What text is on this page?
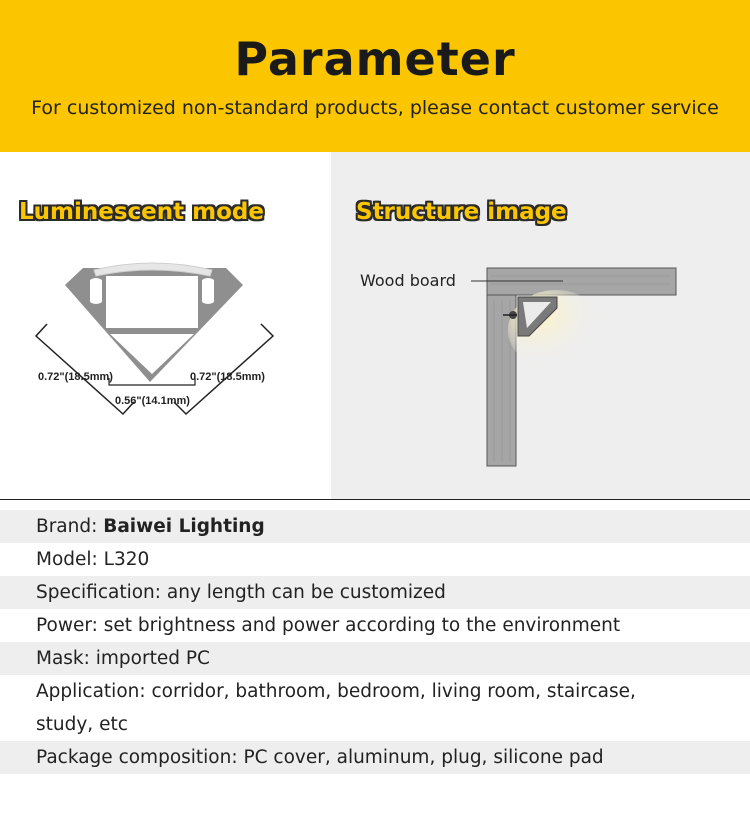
Parameter
For customized non-standard products, please contact customer service
Luminescent mode
0.72"(18.5mm)	0.72"(18.5mm)
0.56"(14.1mm)
Structure image
Wood board
Brand: Baiwei Lighting
Model: L320
Specification: any length can be customized
Power: set brightness and power according to the environment
Mask: imported PC
Application: corridor, bathroom, bedroom, living room, staircase,
study, etc
Package composition: PC cover, aluminum, plug, silicone pad
